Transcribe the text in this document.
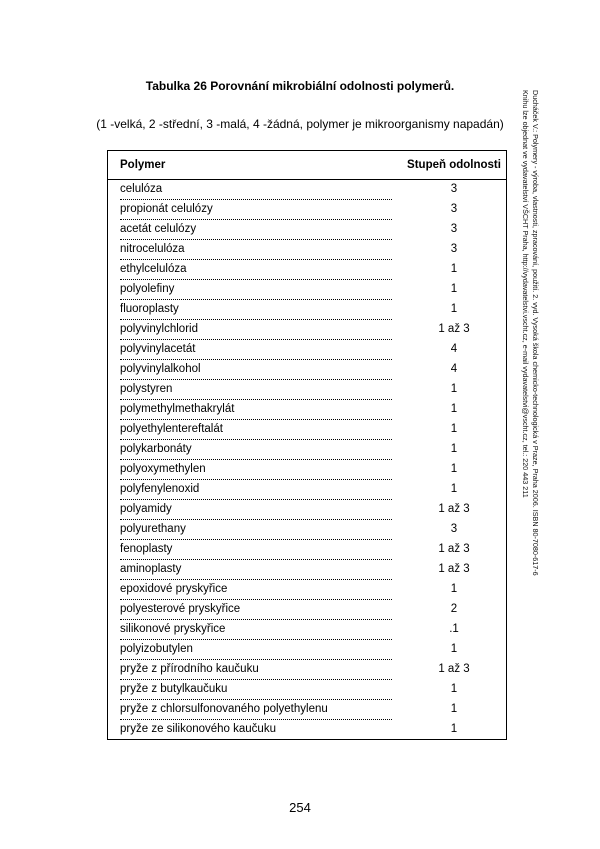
Tabulka 26 Porovnání mikrobiální odolnosti polymerů.
(1 -velká, 2 -střední, 3 -malá, 4 -žádná, polymer je mikroorganismy napadán)
Polymer	Stupeň odolnosti
celulóza	3
propionát celulózy	3
acetát celulózy	3
nitrocelulóza	3
ethylcelulóza	1
polyolefiny	1
fluoroplasty	1
polyvinylchlorid	1 až 3
polyvinylacetát	4
polyvinylalkohol	4
polystyren	1
polymethylmethakrylát	1
polyethylentereftalát	1
polykarbonáty	1
polyoxymethylen	1
polyfenylenoxid	1
polyamidy	1 až 3
polyurethany	3
fenoplasty	1 až 3
aminoplasty	1 až 3
epoxidové pryskyřice	1
polyesterové pryskyřice	2
silikonové pryskyřice	.1
polyizobutylen	1
pryže z přírodního kaučuku	1 až 3
pryže z butylkaučuku	1
pryže z chlorsulfonovaného polyethylenu	1
pryže ze silikonového kaučuku	1
Ducháček V.: Polymery - výroba, vlastnosti, zpracování, použití. 2. vyd. Vysoká škola chemicko-technologická v Praze, Praha 2006. ISBN 80-7080-617-6
Knihu lze objednat ve vydavatelství VŠCHT Praha, http://vydavatelstvi.vscht.cz, e-mail vydavatelstvi@vscht.cz, tel.: 220 443 211
254
